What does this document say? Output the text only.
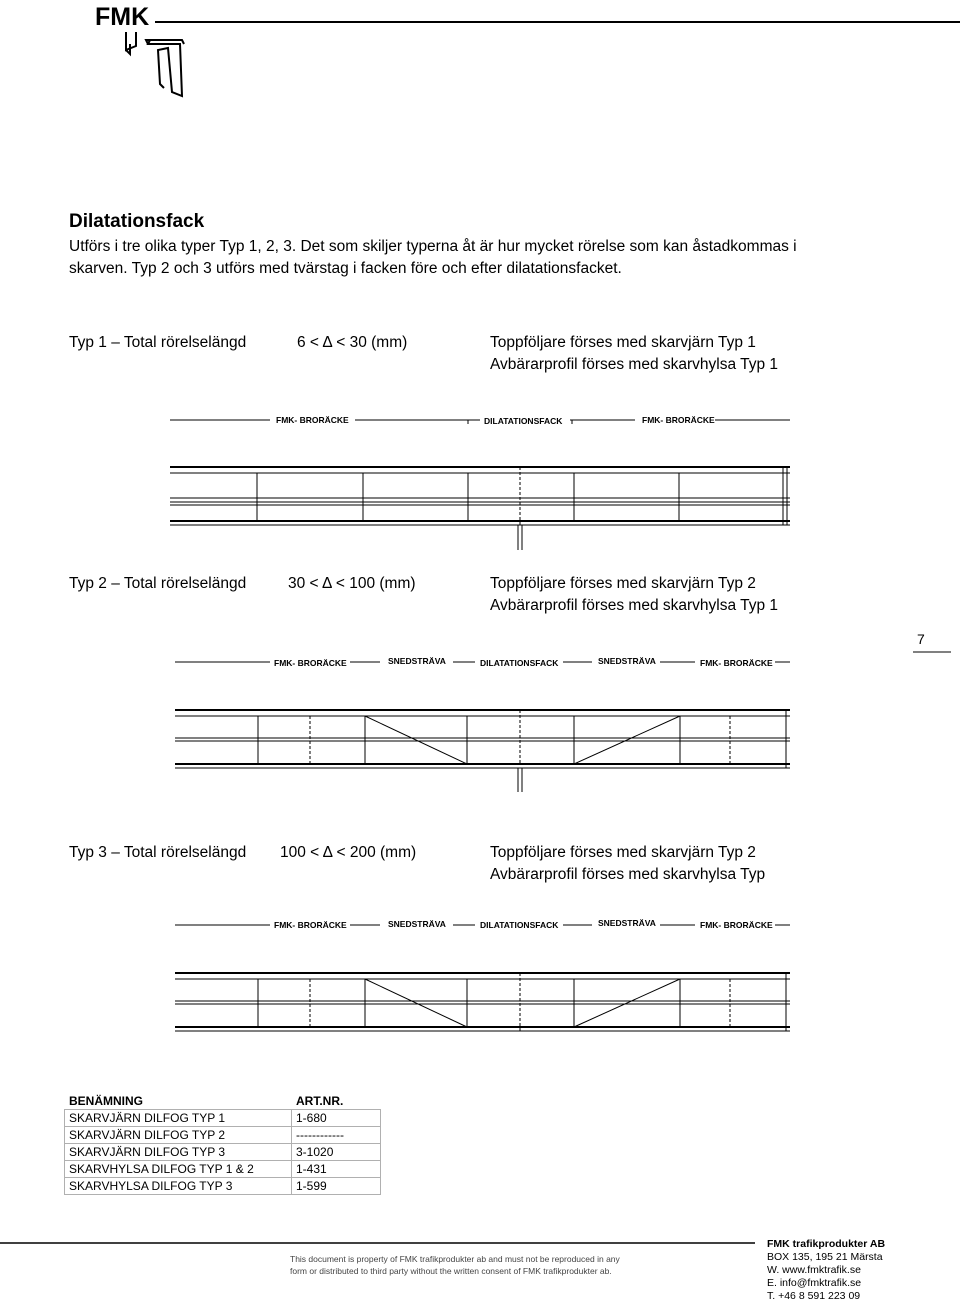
FMK
Dilatationsfack
Utförs i tre olika typer Typ 1, 2, 3. Det som skiljer typerna åt är hur mycket rörelse som kan åstadkommas i skarven. Typ 2 och 3 utförs med tvärstag i facken före och efter dilatationsfacket.
Typ 1 – Total rörelselängd	6 < Δ < 30 (mm)	Toppföljare förses med skarvjärn Typ 1
Avbärarprofil förses med skarvhylsa Typ 1
FMK- BRORÄCKE	DILATATIONSFACK	FMK- BRORÄCKE
Typ 2 – Total rörelselängd	30 < Δ < 100 (mm)	Toppföljare förses med skarvjärn Typ 2
Avbärarprofil förses med skarvhylsa Typ 1
7
FMK- BRORÄCKE	SNEDSTRÄVA	DILATATIONSFACK	SNEDSTRÄVA	FMK- BRORÄCKE
Typ 3 – Total rörelselängd 100 < Δ < 200 (mm)	Toppföljare förses med skarvjärn Typ 2
Avbärarprofil förses med skarvhylsa Typ
FMK- BRORÄCKE	SNEDSTRÄVA	DILATATIONSFACK	SNEDSTRÄVA	FMK- BRORÄCKE
BENÄMNING	ART.NR.
SKARVJÄRN DILFOG TYP 1	1-680
SKARVJÄRN DILFOG TYP 2	------------
SKARVJÄRN DILFOG TYP 3	3-1020
SKARVHYLSA DILFOG TYP 1 & 2	1-431
SKARVHYLSA DILFOG TYP 3	1-599
This document is property of FMK trafikprodukter ab and must not be reproduced in any
form or distributed to third party without the written consent of FMK trafikprodukter ab.
FMK trafikprodukter AB
BOX 135, 195 21 Märsta
W. www.fmktrafik.se
E. info@fmktrafik.se
T. +46 8 591 223 09
